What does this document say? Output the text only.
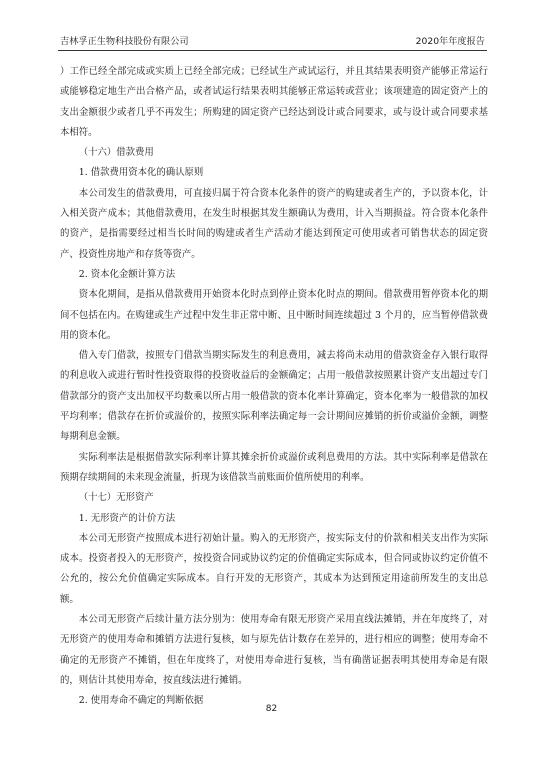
吉林孚正生物科技股份有限公司	2020年年度报告

）工作已经全部完成或实质上已经全部完成；已经试生产或试运行，并且其结果表明资产能够正常运行或能够稳定地生产出合格产品，或者试运行结果表明其能够正常运转或营业；该项建造的固定资产上的支出金额很少或者几乎不再发生；所购建的固定资产已经达到设计或合同要求，或与设计或合同要求基本相符。

（十六）借款费用

1. 借款费用资本化的确认原则

本公司发生的借款费用，可直接归属于符合资本化条件的资产的购建或者生产的，予以资本化，计入相关资产成本；其他借款费用，在发生时根据其发生额确认为费用，计入当期损益。符合资本化条件的资产，是指需要经过相当长时间的购建或者生产活动才能达到预定可使用或者可销售状态的固定资产、投资性房地产和存货等资产。

2. 资本化金额计算方法

资本化期间，是指从借款费用开始资本化时点到停止资本化时点的期间。借款费用暂停资本化的期间不包括在内。在购建或生产过程中发生非正常中断、且中断时间连续超过 3 个月的，应当暂停借款费用的资本化。

借入专门借款，按照专门借款当期实际发生的利息费用，减去将尚未动用的借款资金存入银行取得的利息收入或进行暂时性投资取得的投资收益后的金额确定；占用一般借款按照累计资产支出超过专门借款部分的资产支出加权平均数乘以所占用一般借款的资本化率计算确定，资本化率为一般借款的加权平均利率；借款存在折价或溢价的，按照实际利率法确定每一会计期间应摊销的折价或溢价金额，调整每期利息金额。

实际利率法是根据借款实际利率计算其摊余折价或溢价或利息费用的方法。其中实际利率是借款在预期存续期间的未来现金流量，折现为该借款当前账面价值所使用的利率。

（十七）无形资产

1. 无形资产的计价方法

本公司无形资产按照成本进行初始计量。购入的无形资产，按实际支付的价款和相关支出作为实际成本。投资者投入的无形资产，按投资合同或协议约定的价值确定实际成本，但合同或协议约定价值不公允的，按公允价值确定实际成本。自行开发的无形资产，其成本为达到预定用途前所发生的支出总额。

本公司无形资产后续计量方法分别为：使用寿命有限无形资产采用直线法摊销，并在年度终了，对无形资产的使用寿命和摊销方法进行复核，如与原先估计数存在差异的，进行相应的调整；使用寿命不确定的无形资产不摊销，但在年度终了，对使用寿命进行复核，当有确凿证据表明其使用寿命是有限的，则估计其使用寿命，按直线法进行摊销。

2. 使用寿命不确定的判断依据

82
